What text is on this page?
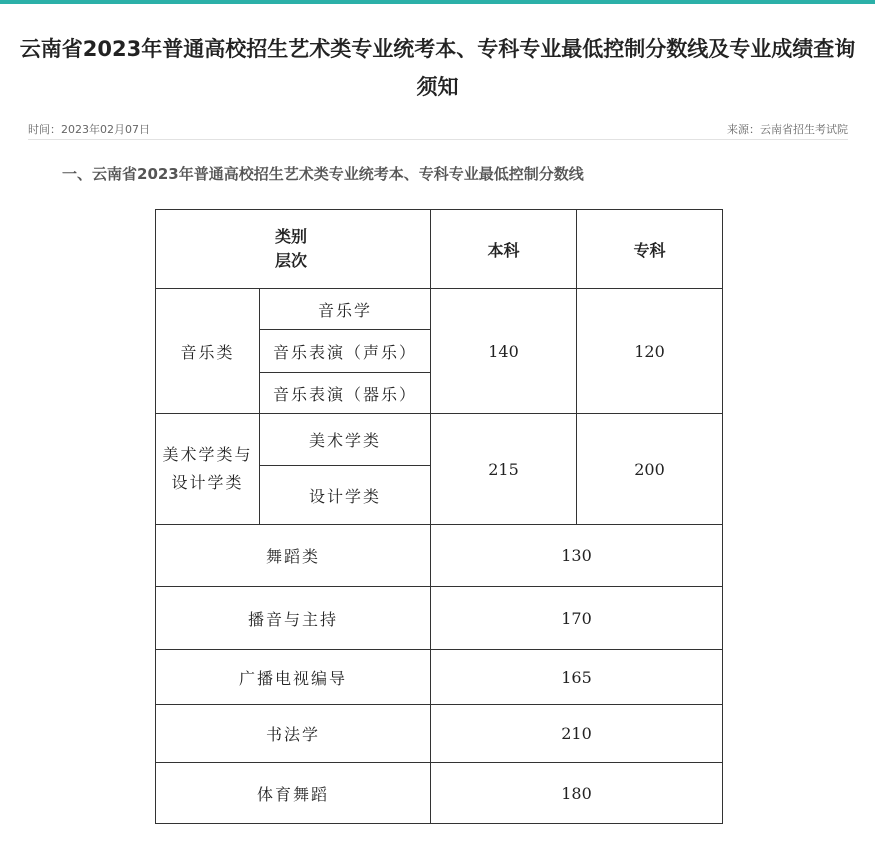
云南省2023年普通高校招生艺术类专业统考本、专科专业最低控制分数线及专业成绩查询须知
时间：2023年02月07日	来源：云南省招生考试院
一、云南省2023年普通高校招生艺术类专业统考本、专科专业最低控制分数线
类别
层次		本科	专科
音乐类	音乐学	140	120
	音乐表演（声乐）		
	音乐表演（器乐）		

美术学类与
设计学类	美术学类	215	200
	设计学类		
舞蹈类		130	
播音与主持		170	
广播电视编导		165	
书法学		210	
体育舞蹈		180	
